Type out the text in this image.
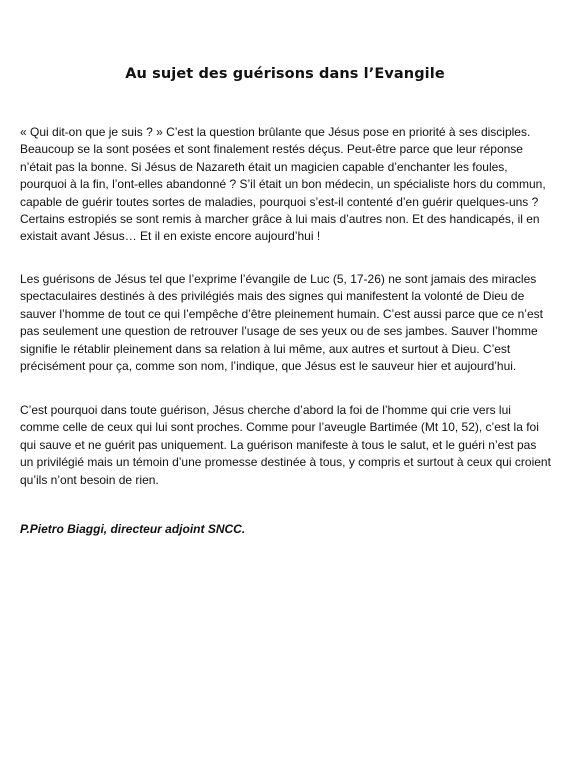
Au sujet des guérisons dans l’Evangile

« Qui dit-on que je suis ? » C’est la question brûlante que Jésus pose en priorité à ses disciples. Beaucoup se la sont posées et sont finalement restés déçus. Peut-être parce que leur réponse n’était pas la bonne. Si Jésus de Nazareth était un magicien capable d’enchanter les foules, pourquoi à la fin, l’ont-elles abandonné ? S’il était un bon médecin, un spécialiste hors du commun, capable de guérir toutes sortes de maladies, pourquoi s’est-il contenté d’en guérir quelques-uns ? Certains estropiés se sont remis à marcher grâce à lui mais d’autres non. Et des handicapés, il en existait avant Jésus… Et il en existe encore aujourd’hui !

Les guérisons de Jésus tel que l’exprime l’évangile de Luc (5, 17-26) ne sont jamais des miracles spectaculaires destinés à des privilégiés mais des signes qui manifestent la volonté de Dieu de sauver l’homme de tout ce qui l’empêche d’être pleinement humain. C’est aussi parce que ce n’est pas seulement une question de retrouver l’usage de ses yeux ou de ses jambes. Sauver l’homme signifie le rétablir pleinement dans sa relation à lui même, aux autres et surtout à Dieu. C’est précisément pour ça, comme son nom, l’indique, que Jésus est le sauveur hier et aujourd’hui.

C’est pourquoi dans toute guérison, Jésus cherche d’abord la foi de l’homme qui crie vers lui comme celle de ceux qui lui sont proches. Comme pour l’aveugle Bartimée (Mt 10, 52), c’est la foi qui sauve et ne guérit pas uniquement. La guérison manifeste à tous le salut, et le guéri n’est pas un privilégié mais un témoin d’une promesse destinée à tous, y compris et surtout à ceux qui croient qu’ils n’ont besoin de rien.

P.Pietro Biaggi, directeur adjoint SNCC.
